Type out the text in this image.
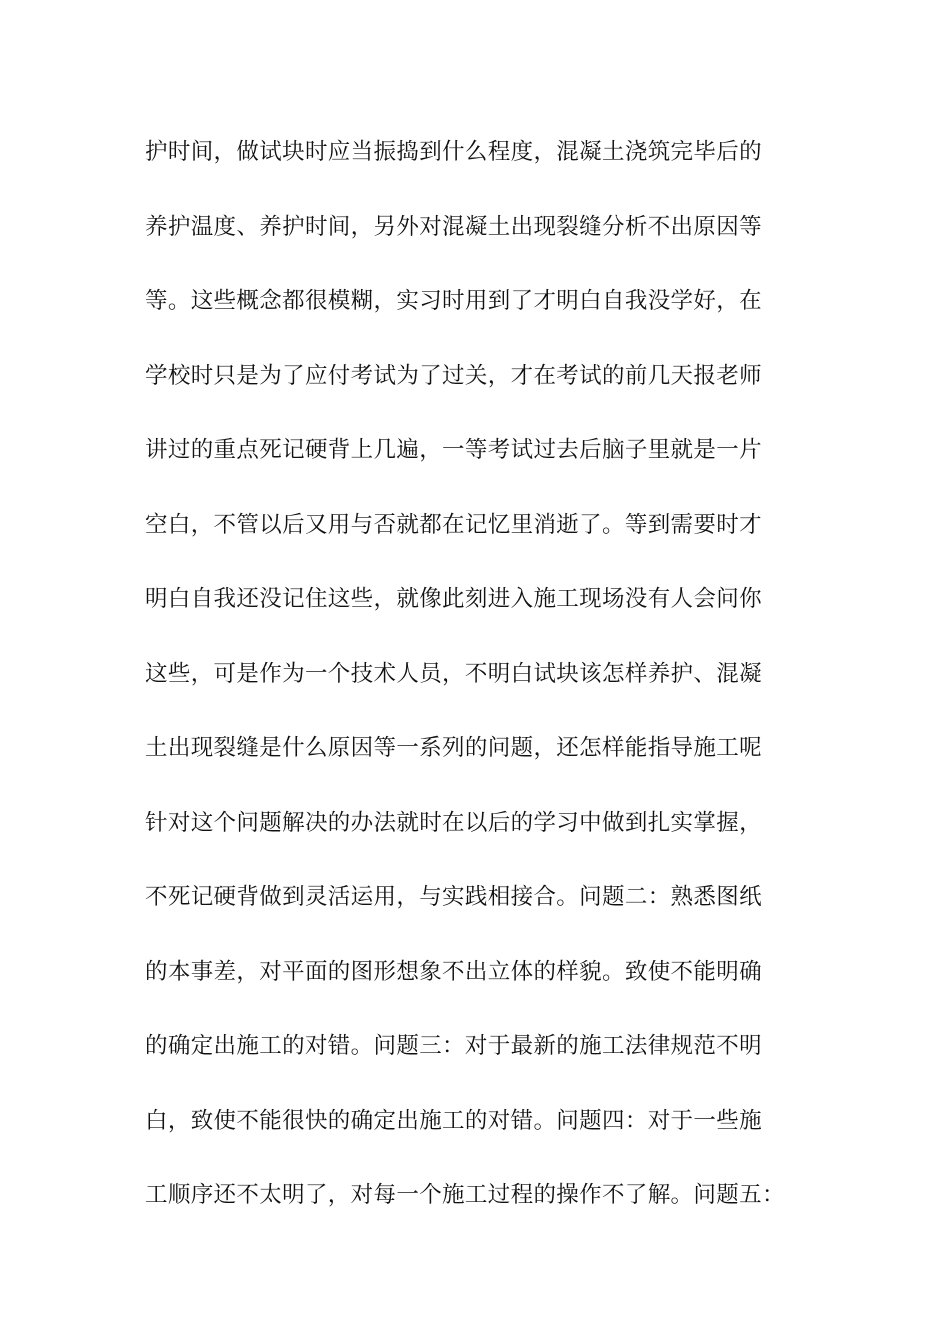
护时间，做试块时应当振捣到什么程度，混凝土浇筑完毕后的
养护温度、养护时间，另外对混凝土出现裂缝分析不出原因等
等。这些概念都很模糊，实习时用到了才明白自我没学好，在
学校时只是为了应付考试为了过关，才在考试的前几天报老师
讲过的重点死记硬背上几遍，一等考试过去后脑子里就是一片
空白，不管以后又用与否就都在记忆里消逝了。等到需要时才
明白自我还没记住这些，就像此刻进入施工现场没有人会问你
这些，可是作为一个技术人员，不明白试块该怎样养护、混凝
土出现裂缝是什么原因等一系列的问题，还怎样能指导施工呢
针对这个问题解决的办法就时在以后的学习中做到扎实掌握，
不死记硬背做到灵活运用，与实践相接合。问题二：熟悉图纸
的本事差，对平面的图形想象不出立体的样貌。致使不能明确
的确定出施工的对错。问题三：对于最新的施工法律规范不明
白，致使不能很快的确定出施工的对错。问题四：对于一些施
工顺序还不太明了，对每一个施工过程的操作不了解。问题五：
